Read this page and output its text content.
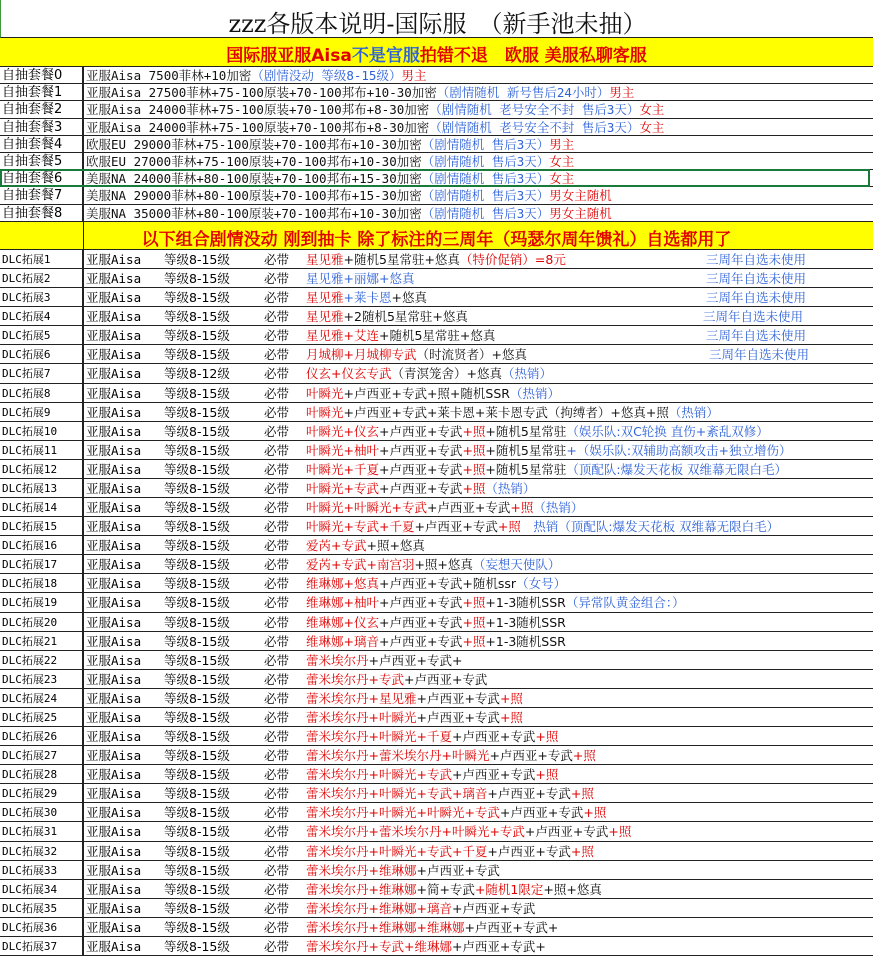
zzz各版本说明-国际服　（新手池未抽）
国际服亚服Aisa不是官服拍错不退　欧服 美服私聊客服
自抽套餐0	亚服Aisa 7500菲林+10加密（剧情没动 等级8-15级）男主
自抽套餐1	亚服Aisa 27500菲林+75-100原装+70-100邦布+10-30加密（剧情随机 新号售后24小时）男主
自抽套餐2	亚服Aisa 24000菲林+75-100原装+70-100邦布+8-30加密（剧情随机 老号安全不封 售后3天）女主
自抽套餐3	亚服Aisa 24000菲林+75-100原装+70-100邦布+8-30加密（剧情随机 老号安全不封 售后3天）女主
自抽套餐4	欧服EU 29000菲林+75-100原装+70-100邦布+10-30加密（剧情随机 售后3天）男主
自抽套餐5	欧服EU 27000菲林+75-100原装+70-100邦布+10-30加密（剧情随机 售后3天）女主
自抽套餐6	美服NA 24000菲林+80-100原装+70-100邦布+15-30加密（剧情随机 售后3天）女主
自抽套餐7	美服NA 29000菲林+80-100原装+70-100邦布+15-30加密（剧情随机 售后3天）男女主随机
自抽套餐8	美服NA 35000菲林+80-100原装+70-100邦布+10-30加密（剧情随机 售后3天）男女主随机
以下组合剧情没动 刚到抽卡 除了标注的三周年（玛瑟尔周年馈礼）自选都用了
DLC拓展1	亚服Aisa 等级8-15级	必带 星见雅+随机5星常驻+悠真（特价促销）=8元	三周年自选未使用
DLC拓展2	亚服Aisa 等级8-15级	必带 星见雅+丽娜+悠真	三周年自选未使用
DLC拓展3	亚服Aisa 等级8-15级	必带 星见雅+莱卡恩+悠真	三周年自选未使用
DLC拓展4	亚服Aisa 等级8-15级	必带 星见雅+2随机5星常驻+悠真	三周年自选未使用
DLC拓展5	亚服Aisa 等级8-15级	必带 星见雅+艾连+随机5星常驻+悠真	三周年自选未使用
DLC拓展6	亚服Aisa 等级8-15级	必带 月城柳+月城柳专武（时流贤者）+悠真	三周年自选未使用
DLC拓展7	亚服Aisa 等级8-12级	必带 仪玄+仪玄专武（青溟笼舍）+悠真（热销）
DLC拓展8	亚服Aisa 等级8-15级	必带 叶瞬光+卢西亚+专武+照+随机SSR（热销）
DLC拓展9	亚服Aisa 等级8-15级	必带 叶瞬光+卢西亚+专武+莱卡恩+莱卡恩专武（拘缚者）+悠真+照（热销）
DLC拓展10	亚服Aisa 等级8-15级	必带 叶瞬光+仪玄+卢西亚+专武+照+随机5星常驻（娱乐队:双C轮换 直伤+紊乱双修）
DLC拓展11	亚服Aisa 等级8-15级	必带 叶瞬光+柚叶+卢西亚+专武+照+随机5星常驻+（娱乐队:双辅助高额攻击+独立增伤）
DLC拓展12	亚服Aisa 等级8-15级	必带 叶瞬光+千夏+卢西亚+专武+照+随机5星常驻（顶配队:爆发天花板 双维幕无限白毛）
DLC拓展13	亚服Aisa 等级8-15级	必带 叶瞬光+专武+卢西亚+专武+照（热销）
DLC拓展14	亚服Aisa 等级8-15级	必带 叶瞬光+叶瞬光+专武+卢西亚+专武+照（热销）
DLC拓展15	亚服Aisa 等级8-15级	必带 叶瞬光+专武+千夏+卢西亚+专武+照　热销（顶配队:爆发天花板 双维幕无限白毛）
DLC拓展16	亚服Aisa 等级8-15级	必带 爱芮+专武+照+悠真
DLC拓展17	亚服Aisa 等级8-15级	必带 爱芮+专武+南宫羽+照+悠真（妄想天使队）
DLC拓展18	亚服Aisa 等级8-15级	必带 维琳娜+悠真+卢西亚+专武+随机ssr（女号）
DLC拓展19	亚服Aisa 等级8-15级	必带 维琳娜+柚叶+卢西亚+专武+照+1-3随机SSR（异常队黄金组合：）
DLC拓展20	亚服Aisa 等级8-15级	必带 维琳娜+仪玄+卢西亚+专武+照+1-3随机SSR
DLC拓展21	亚服Aisa 等级8-15级	必带 维琳娜+璃音+卢西亚+专武+照+1-3随机SSR
DLC拓展22	亚服Aisa 等级8-15级	必带 蕾米埃尔丹+卢西亚+专武+
DLC拓展23	亚服Aisa 等级8-15级	必带 蕾米埃尔丹+专武+卢西亚+专武
DLC拓展24	亚服Aisa 等级8-15级	必带 蕾米埃尔丹+星见雅+卢西亚+专武+照
DLC拓展25	亚服Aisa 等级8-15级	必带 蕾米埃尔丹+叶瞬光+卢西亚+专武+照
DLC拓展26	亚服Aisa 等级8-15级	必带 蕾米埃尔丹+叶瞬光+千夏+卢西亚+专武+照
DLC拓展27	亚服Aisa 等级8-15级	必带 蕾米埃尔丹+蕾米埃尔丹+叶瞬光+卢西亚+专武+照
DLC拓展28	亚服Aisa 等级8-15级	必带 蕾米埃尔丹+叶瞬光+专武+卢西亚+专武+照
DLC拓展29	亚服Aisa 等级8-15级	必带 蕾米埃尔丹+叶瞬光+专武+璃音+卢西亚+专武+照
DLC拓展30	亚服Aisa 等级8-15级	必带 蕾米埃尔丹+叶瞬光+叶瞬光+专武+卢西亚+专武+照
DLC拓展31	亚服Aisa 等级8-15级	必带 蕾米埃尔丹+蕾米埃尔丹+叶瞬光+专武+卢西亚+专武+照
DLC拓展32	亚服Aisa 等级8-15级	必带 蕾米埃尔丹+叶瞬光+专武+千夏+卢西亚+专武+照
DLC拓展33	亚服Aisa 等级8-15级	必带 蕾米埃尔丹+维琳娜+卢西亚+专武
DLC拓展34	亚服Aisa 等级8-15级	必带 蕾米埃尔丹+维琳娜+简+专武+随机1限定+照+悠真
DLC拓展35	亚服Aisa 等级8-15级	必带 蕾米埃尔丹+维琳娜+璃音+卢西亚+专武
DLC拓展36	亚服Aisa 等级8-15级	必带 蕾米埃尔丹+维琳娜+维琳娜+卢西亚+专武+
DLC拓展37	亚服Aisa 等级8-15级	必带 蕾米埃尔丹+专武+维琳娜+卢西亚+专武+
